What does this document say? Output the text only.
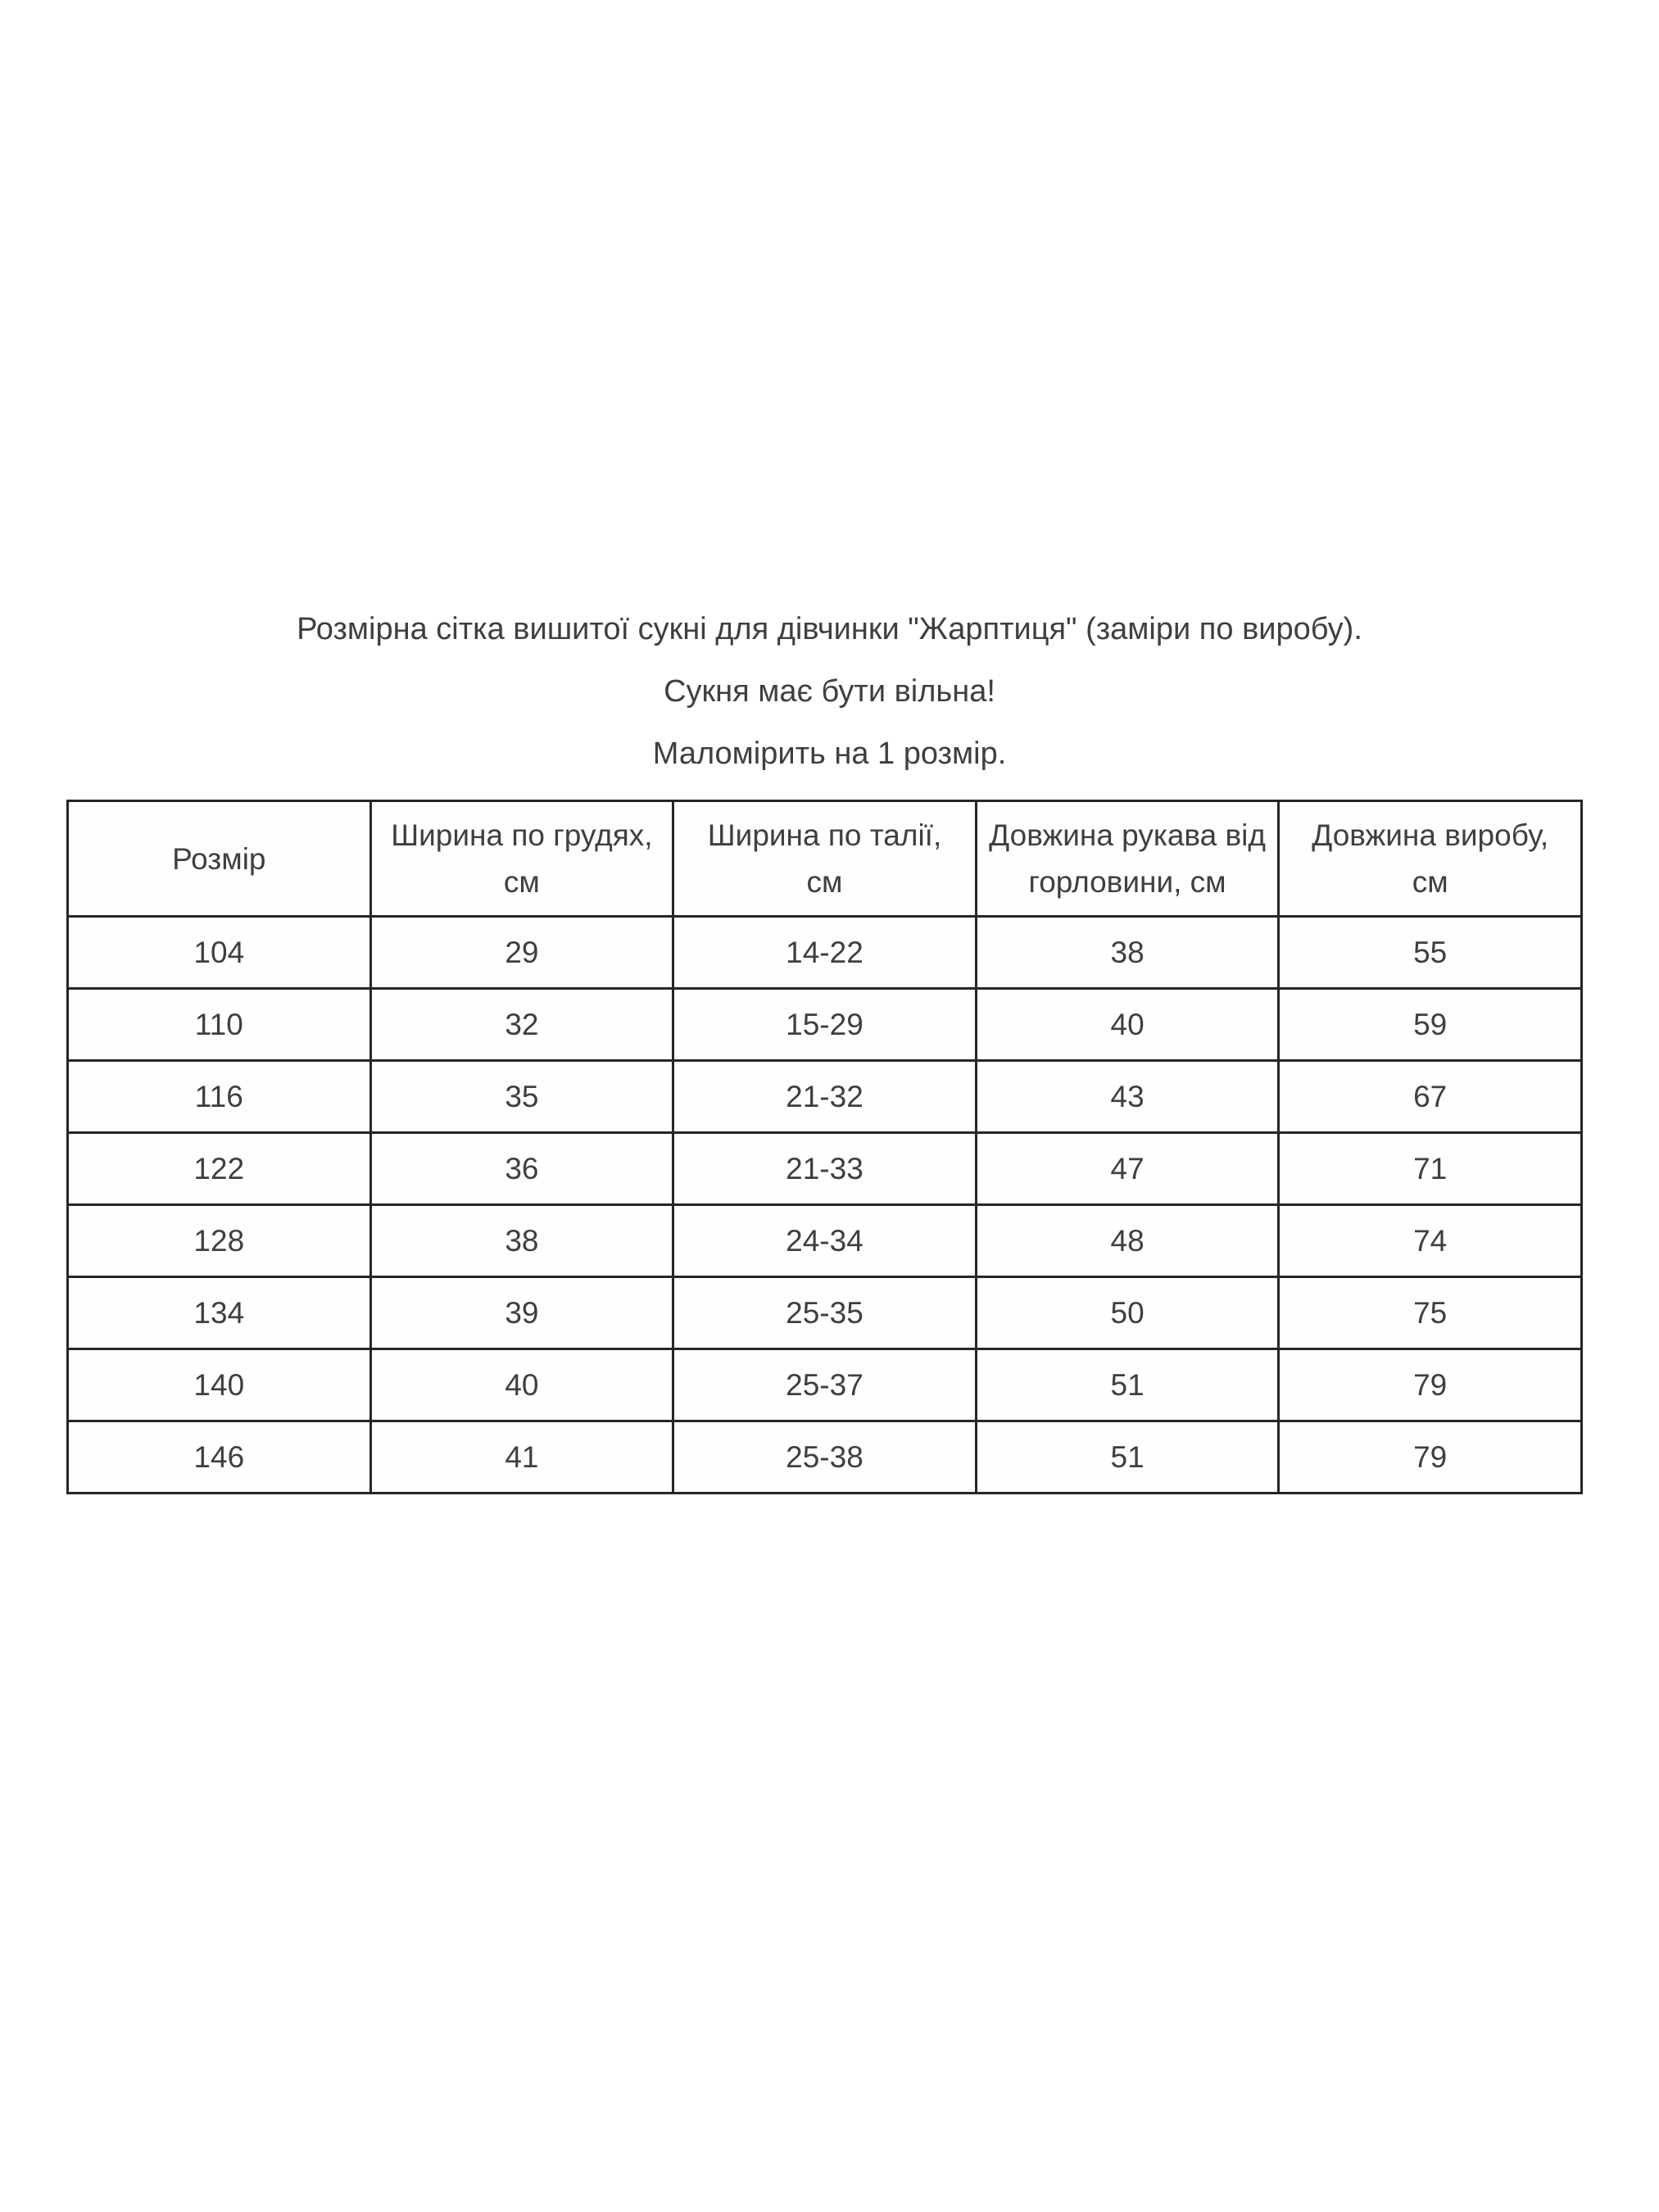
Розмірна сітка вишитої сукні для дівчинки "Жарптиця" (заміри по виробу).

Сукня має бути вільна!

Маломірить на 1 розмір.

Розмір	Ширина по грудях, см	Ширина по талії, см	Довжина рукава від горловини, см	Довжина виробу, см
104	29	14-22	38	55
110	32	15-29	40	59
116	35	21-32	43	67
122	36	21-33	47	71
128	38	24-34	48	74
134	39	25-35	50	75
140	40	25-37	51	79
146	41	25-38	51	79
